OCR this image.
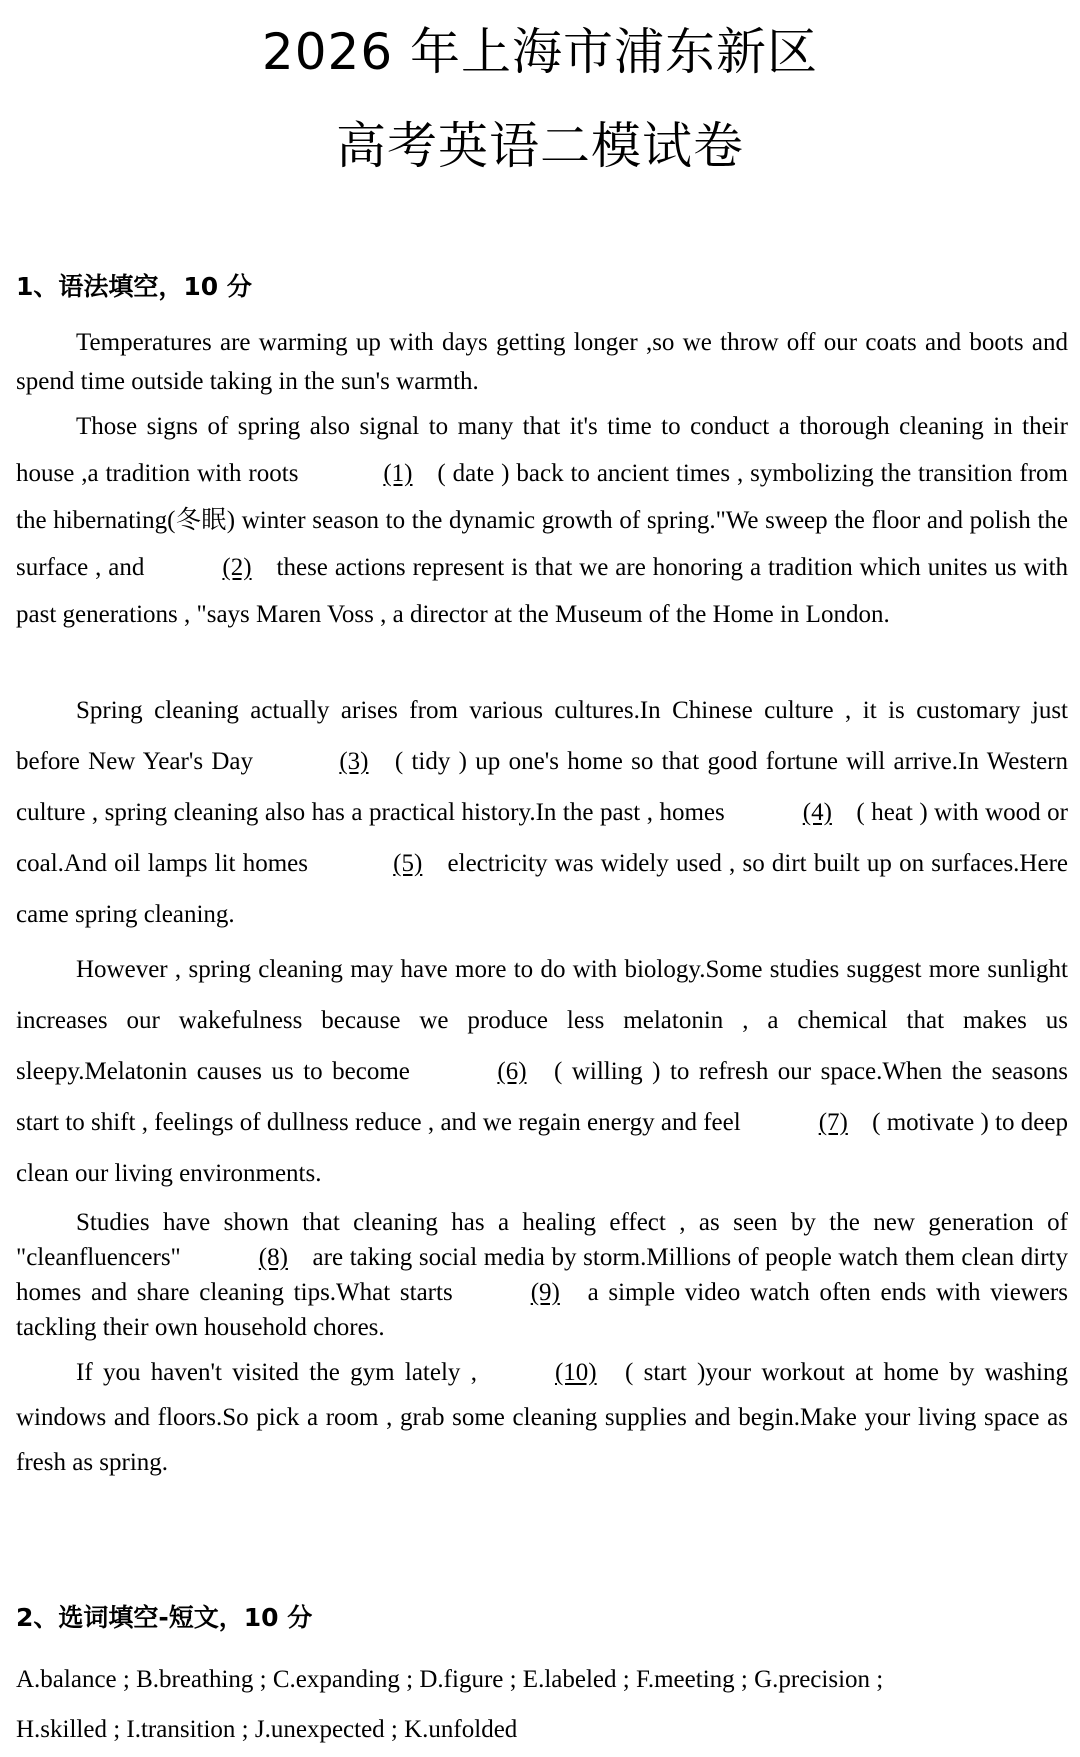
2026 年上海市浦东新区
高考英语二模试卷
1、语法填空，10 分

Temperatures are warming up with days getting longer ,so we throw off our coats and boots and spend time outside taking in the sun's warmth.

Those signs of spring also signal to many that it's time to conduct a thorough cleaning in their house ,a tradition with roots	(1) ( date ) back to ancient times , symbolizing the transition from the hibernating(冬眠) winter season to the dynamic growth of spring."We sweep the floor and polish the surface , and	(2) these actions represent is that we are honoring a tradition which unites us with past generations , "says Maren Voss , a director at the Museum of the Home in London.

Spring cleaning actually arises from various cultures.In Chinese culture , it is customary just before New Year's Day	(3) ( tidy ) up one's home so that good fortune will arrive.In Western culture , spring cleaning also has a practical history.In the past , homes	(4) ( heat ) with wood or coal.And oil lamps lit homes	(5) electricity was widely used , so dirt built up on surfaces.Here came spring cleaning.

However , spring cleaning may have more to do with biology.Some studies suggest more sunlight increases our wakefulness because we produce less melatonin , a chemical that makes us sleepy.Melatonin causes us to become	(6) ( willing ) to refresh our space.When the seasons start to shift , feelings of dullness reduce , and we regain energy and feel	(7) ( motivate ) to deep clean our living environments.

Studies have shown that cleaning has a healing effect , as seen by the new generation of "cleanfluencers"	(8) are taking social media by storm.Millions of people watch them clean dirty homes and share cleaning tips.What starts	(9) a simple video watch often ends with viewers tackling their own household chores.

If you haven't visited the gym lately ,	(10) ( start )your workout at home by washing windows and floors.So pick a room , grab some cleaning supplies and begin.Make your living space as fresh as spring.

2、选词填空-短文，10 分

A.balance ; B.breathing ; C.expanding ; D.figure ; E.labeled ; F.meeting ; G.precision ;
H.skilled ; I.transition ; J.unexpected ; K.unfolded
